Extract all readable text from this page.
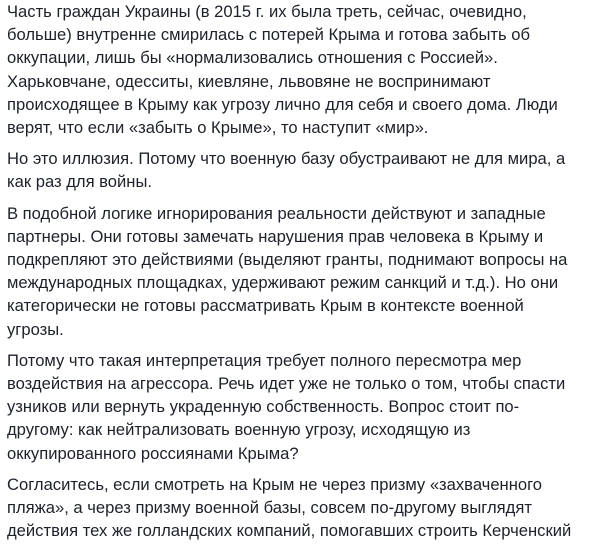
Часть граждан Украины (в 2015 г. их была треть, сейчас, очевидно,
больше) внутренне смирилась с потерей Крыма и готова забыть об
оккупации, лишь бы «нормализовались отношения с Россией».
Харьковчане, одесситы, киевляне, львовяне не воспринимают
происходящее в Крыму как угрозу лично для себя и своего дома. Люди
верят, что если «забыть о Крыме», то наступит «мир».

Но это иллюзия. Потому что военную базу обустраивают не для мира, а
как раз для войны.

В подобной логике игнорирования реальности действуют и западные
партнеры. Они готовы замечать нарушения прав человека в Крыму и
подкрепляют это действиями (выделяют гранты, поднимают вопросы на
международных площадках, удерживают режим санкций и т.д.). Но они
категорически не готовы рассматривать Крым в контексте военной
угрозы.

Потому что такая интерпретация требует полного пересмотра мер
воздействия на агрессора. Речь идет уже не только о том, чтобы спасти
узников или вернуть украденную собственность. Вопрос стоит по-
другому: как нейтрализовать военную угрозу, исходящую из
оккупированного россиянами Крыма?

Согласитесь, если смотреть на Крым не через призму «захваченного
пляжа», а через призму военной базы, совсем по-другому выглядят
действия тех же голландских компаний, помогавших строить Керченский
